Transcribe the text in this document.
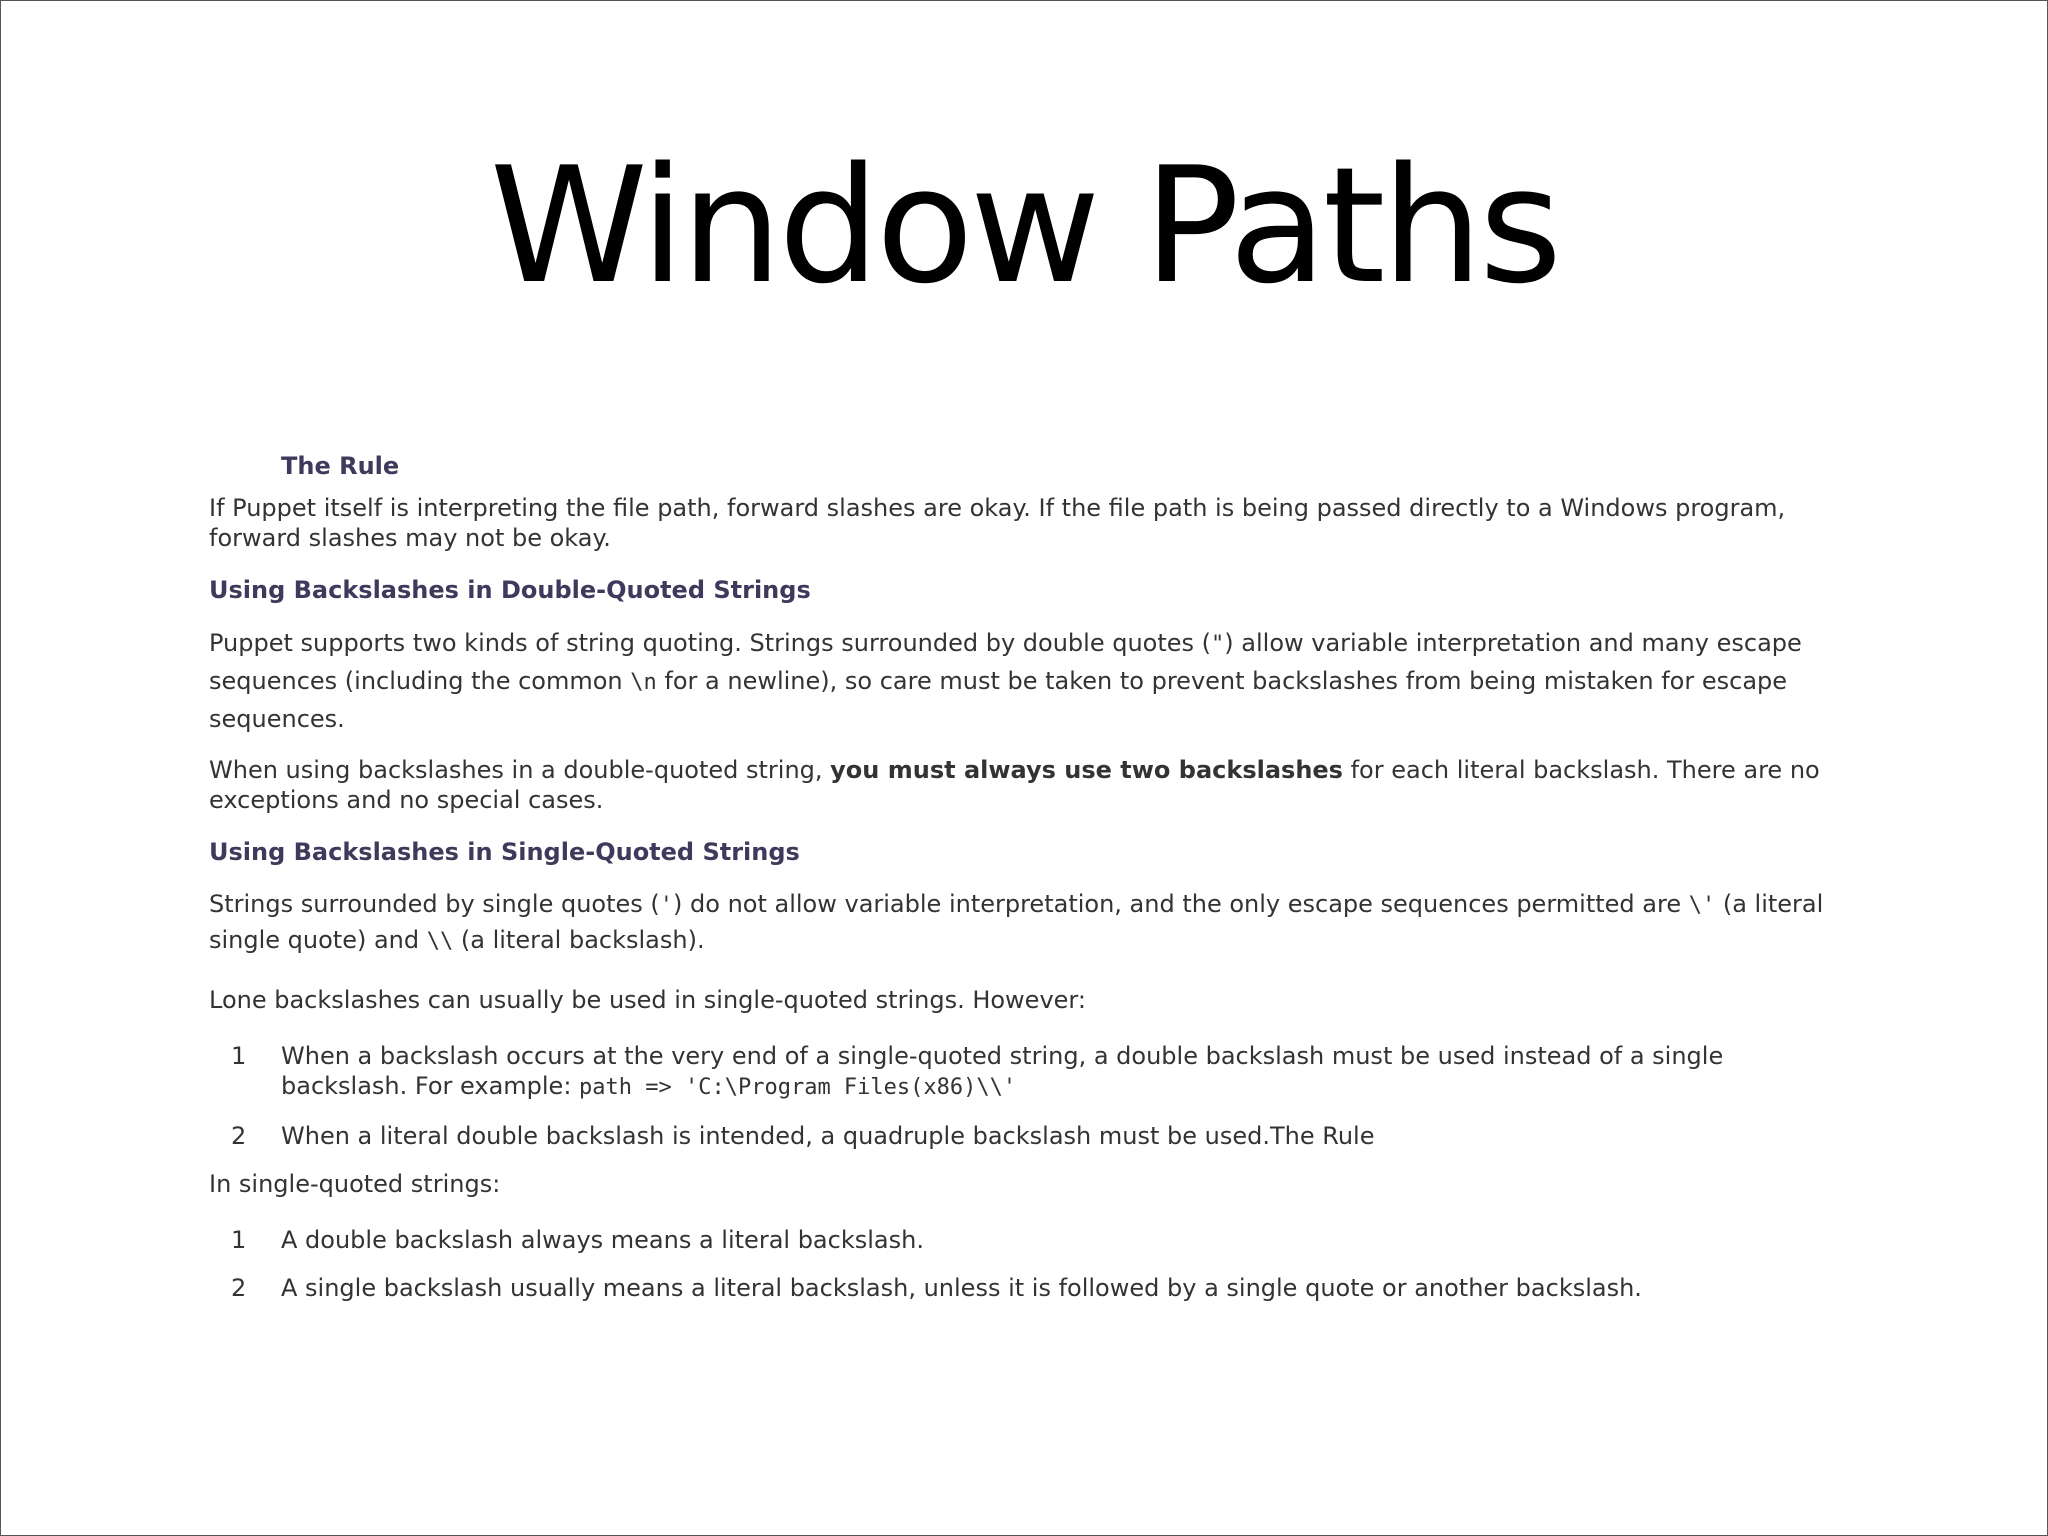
Window Paths
The Rule

If Puppet itself is interpreting the file path, forward slashes are okay. If the file path is being passed directly to a Windows program, forward slashes may not be okay.

Using Backslashes in Double-Quoted Strings

Puppet supports two kinds of string quoting. Strings surrounded by double quotes (") allow variable interpretation and many escape sequences (including the common \n for a newline), so care must be taken to prevent backslashes from being mistaken for escape sequences.

When using backslashes in a double-quoted string, you must always use two backslashes for each literal backslash. There are no exceptions and no special cases.

Using Backslashes in Single-Quoted Strings

Strings surrounded by single quotes (') do not allow variable interpretation, and the only escape sequences permitted are \' (a literal single quote) and \\ (a literal backslash).

Lone backslashes can usually be used in single-quoted strings. However:

1 When a backslash occurs at the very end of a single-quoted string, a double backslash must be used instead of a single backslash. For example: path => 'C:\Program Files(x86)\\'
2 When a literal double backslash is intended, a quadruple backslash must be used.The Rule

In single-quoted strings:

1 A double backslash always means a literal backslash.
2 A single backslash usually means a literal backslash, unless it is followed by a single quote or another backslash.
